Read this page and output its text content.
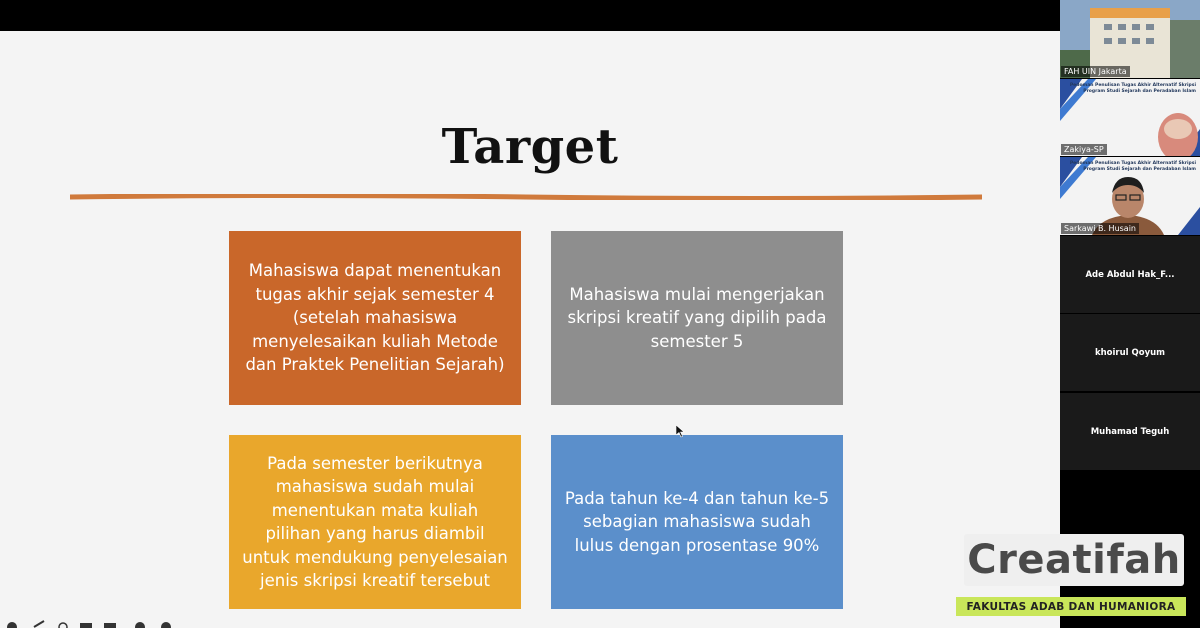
Target
Mahasiswa dapat menentukan
tugas akhir sejak semester 4
(setelah mahasiswa
menyelesaikan kuliah Metode
dan Praktek Penelitian Sejarah)
Mahasiswa mulai mengerjakan
skripsi kreatif yang dipilih pada
semester 5
Pada semester berikutnya
mahasiswa sudah mulai
menentukan mata kuliah
pilihan yang harus diambil
untuk mendukung penyelesaian
jenis skripsi kreatif tersebut
Pada tahun ke-4 dan tahun ke-5
sebagian mahasiswa sudah
lulus dengan prosentase 90%
FAH UIN Jakarta
Pedoman Penulisan Tugas Akhir Alternatif Skripsi
Program Studi Sejarah dan Peradaban Islam
Zakiya-SP
Pedoman Penulisan Tugas Akhir Alternatif Skripsi
Program Studi Sejarah dan Peradaban Islam
Sarkawi B. Husain
Ade Abdul Hak_F...
khoirul Qoyum
Muhamad Teguh
Creatifah
FAKULTAS ADAB DAN HUMANIORA
